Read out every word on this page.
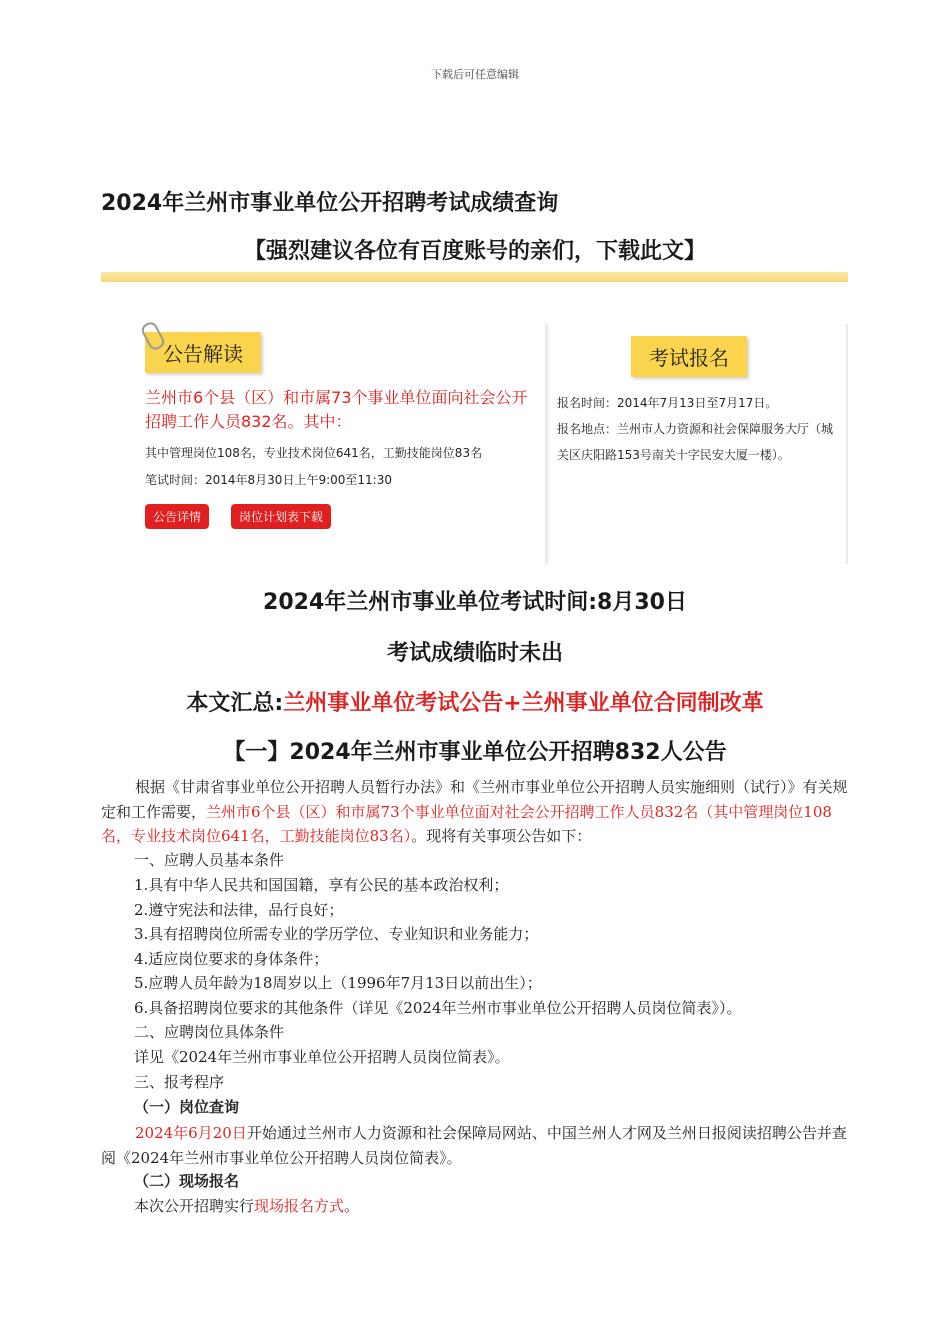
下载后可任意编辑
2024年兰州市事业单位公开招聘考试成绩查询
【强烈建议各位有百度账号的亲们，下载此文】
公告解读
兰州市6个县（区）和市属73个事业单位面向社会公开招聘工作人员832名。其中：
其中管理岗位108名，专业技术岗位641名，工勤技能岗位83名
笔试时间：2014年8月30日上午9:00至11:30
公告详情	岗位计划表下载
考试报名
报名时间：2014年7月13日至7月17日。
报名地点：兰州市人力资源和社会保障服务大厅（城关区庆阳路153号南关十字民安大厦一楼）。
2024年兰州市事业单位考试时间:8月30日
考试成绩临时未出
本文汇总:兰州事业单位考试公告+兰州事业单位合同制改革
【一】2024年兰州市事业单位公开招聘832人公告
根据《甘肃省事业单位公开招聘人员暂行办法》和《兰州市事业单位公开招聘人员实施细则（试行）》有关规定和工作需要，兰州市6个县（区）和市属73个事业单位面对社会公开招聘工作人员832名（其中管理岗位108名，专业技术岗位641名，工勤技能岗位83名）。现将有关事项公告如下：
一、应聘人员基本条件
1.具有中华人民共和国国籍，享有公民的基本政治权利；
2.遵守宪法和法律，品行良好；
3.具有招聘岗位所需专业的学历学位、专业知识和业务能力；
4.适应岗位要求的身体条件；
5.应聘人员年龄为18周岁以上（1996年7月13日以前出生）；
6.具备招聘岗位要求的其他条件（详见《2024年兰州市事业单位公开招聘人员岗位简表》）。
二、应聘岗位具体条件
详见《2024年兰州市事业单位公开招聘人员岗位简表》。
三、报考程序
（一）岗位查询
2024年6月20日开始通过兰州市人力资源和社会保障局网站、中国兰州人才网及兰州日报阅读招聘公告并查阅《2024年兰州市事业单位公开招聘人员岗位简表》。
（二）现场报名
本次公开招聘实行现场报名方式。
